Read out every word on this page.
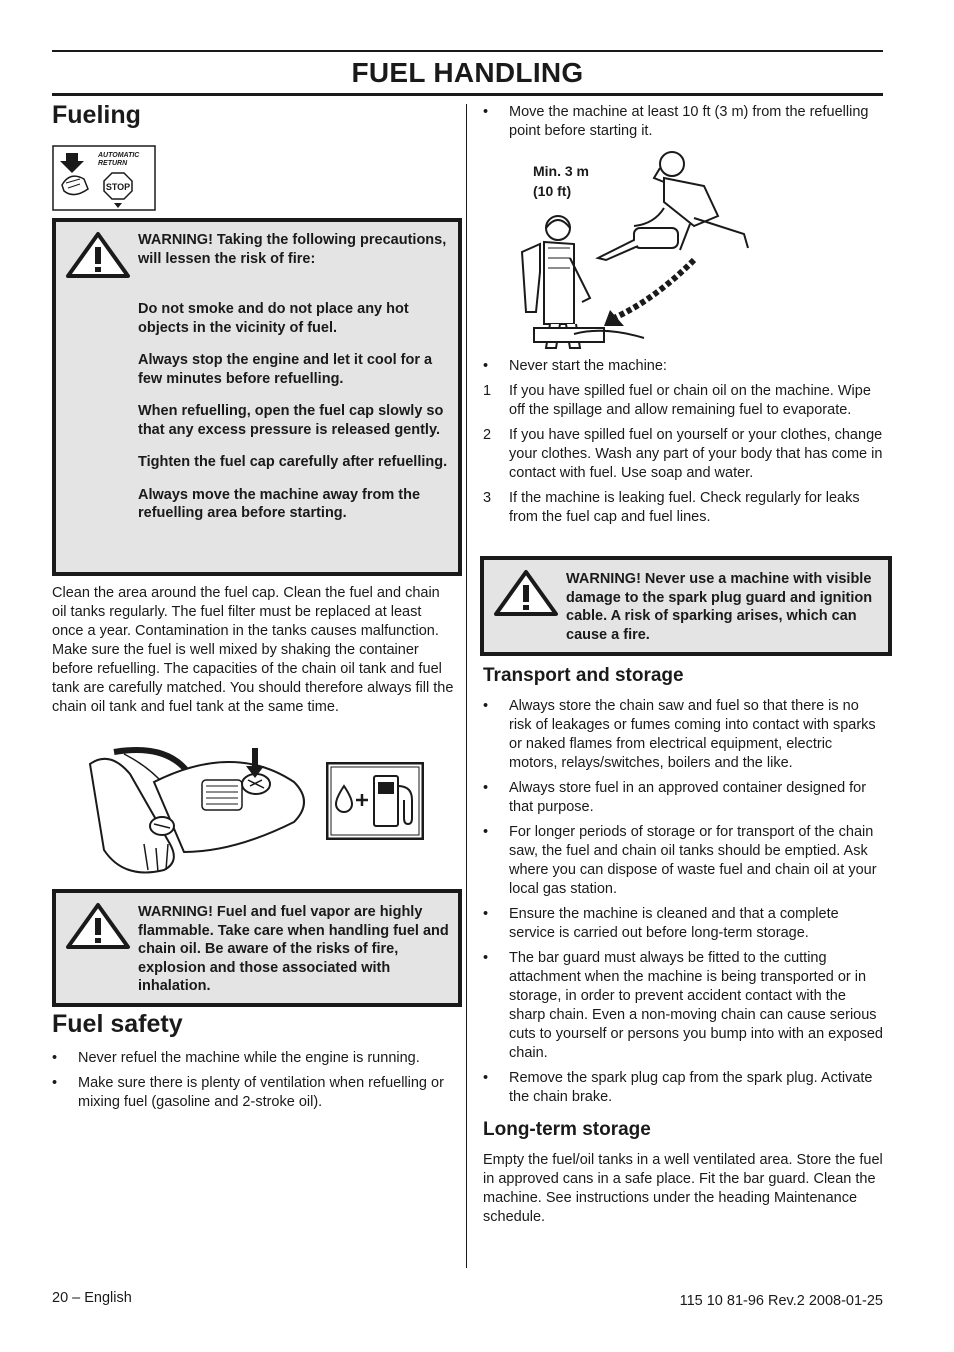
FUEL HANDLING
Fueling
AUTOMATIC
RETURN
STOP

WARNING! Taking the following precautions, will lessen the risk of fire:

Do not smoke and do not place any hot objects in the vicinity of fuel.

Always stop the engine and let it cool for a few minutes before refuelling.

When refuelling, open the fuel cap slowly so that any excess pressure is released gently.

Tighten the fuel cap carefully after refuelling.

Always move the machine away from the refuelling area before starting.

Clean the area around the fuel cap. Clean the fuel and chain oil tanks regularly. The fuel filter must be replaced at least once a year. Contamination in the tanks causes malfunction. Make sure the fuel is well mixed by shaking the container before refuelling. The capacities of the chain oil tank and fuel tank are carefully matched. You should therefore always fill the chain oil tank and fuel tank at the same time.

WARNING! Fuel and fuel vapor are highly flammable. Take care when handling fuel and chain oil. Be aware of the risks of fire, explosion and those associated with inhalation.
Fuel safety
•	Never refuel the machine while the engine is running.
•	Make sure there is plenty of ventilation when refuelling or mixing fuel (gasoline and 2-stroke oil).
•	Move the machine at least 10 ft (3 m) from the refuelling point before starting it.
Min. 3 m
(10 ft)
•	Never start the machine:
1	If you have spilled fuel or chain oil on the machine. Wipe off the spillage and allow remaining fuel to evaporate.
2	If you have spilled fuel on yourself or your clothes, change your clothes. Wash any part of your body that has come in contact with fuel. Use soap and water.
3	If the machine is leaking fuel. Check regularly for leaks from the fuel cap and fuel lines.
WARNING! Never use a machine with visible damage to the spark plug guard and ignition cable. A risk of sparking arises, which can cause a fire.
Transport and storage
•	Always store the chain saw and fuel so that there is no risk of leakages or fumes coming into contact with sparks or naked flames from electrical equipment, electric motors, relays/switches, boilers and the like.
•	Always store fuel in an approved container designed for that purpose.
•	For longer periods of storage or for transport of the chain saw, the fuel and chain oil tanks should be emptied. Ask where you can dispose of waste fuel and chain oil at your local gas station.
•	Ensure the machine is cleaned and that a complete service is carried out before long-term storage.
•	The bar guard must always be fitted to the cutting attachment when the machine is being transported or in storage, in order to prevent accident contact with the sharp chain. Even a non-moving chain can cause serious cuts to yourself or persons you bump into with an exposed chain.
•	Remove the spark plug cap from the spark plug. Activate the chain brake.
Long-term storage

Empty the fuel/oil tanks in a well ventilated area. Store the fuel in approved cans in a safe place. Fit the bar guard. Clean the machine. See instructions under the heading Maintenance schedule.

20 – English	115 10 81-96 Rev.2 2008-01-25
